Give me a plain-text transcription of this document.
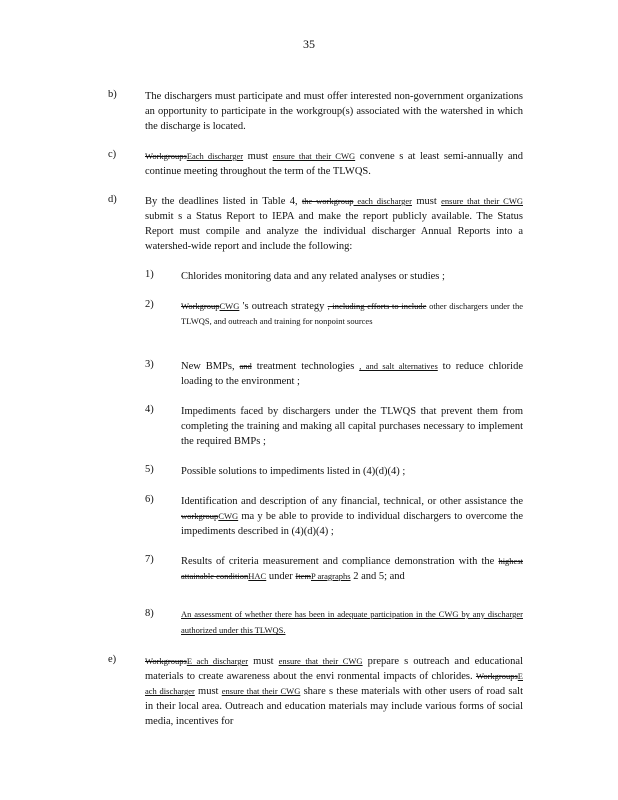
35
b)	The dischargers must participate and must offer interested non-government organizations an opportunity to participate in the workgroup(s) associated with the watershed in which the discharge is located.
c)	WorkgroupsEach discharger must ensure that their CWG convene s at least semi-annually and continue meeting throughout the term of the TLWQS.
d)	By the deadlines listed in Table 4, the workgroup each discharger must ensure that their CWG submit s a Status Report to IEPA and make the report publicly available. The Status Report must compile and analyze the individual discharger Annual Reports into a watershed-wide report and include the following:
1)	Chlorides monitoring data and any related analyses or studies ;
2)	WorkgroupCWG 's outreach strategy , including efforts to include other dischargers under the TLWQS, and outreach and training for nonpoint sources
3)	New BMPs, and treatment technologies , and salt alternatives to reduce chloride loading to the environment ;
4)	Impediments faced by dischargers under the TLWQS that prevent them from completing the training and making all capital purchases necessary to implement the required BMPs ;
5)	Possible solutions to impediments listed in (4)(d)(4) ;
6)	Identification and description of any financial, technical, or other assistance the workgroupCWG ma y be able to provide to individual dischargers to overcome the impediments described in (4)(d)(4) ;
7)	Results of criteria measurement and compliance demonstration with the highest attainable conditionHAC under ItemP aragraphs 2 and 5; and
8)	An assessment of whether there has been in adequate participation in the CWG by any discharger authorized under this TLWQS.
e)	WorkgroupsE ach discharger must ensure that their CWG prepare s outreach and educational materials to create awareness about the envi ronmental impacts of chlorides. WorkgroupsE ach discharger must ensure that their CWG share s these materials with other users of road salt in their local area. Outreach and education materials may include various forms of social media, incentives for
